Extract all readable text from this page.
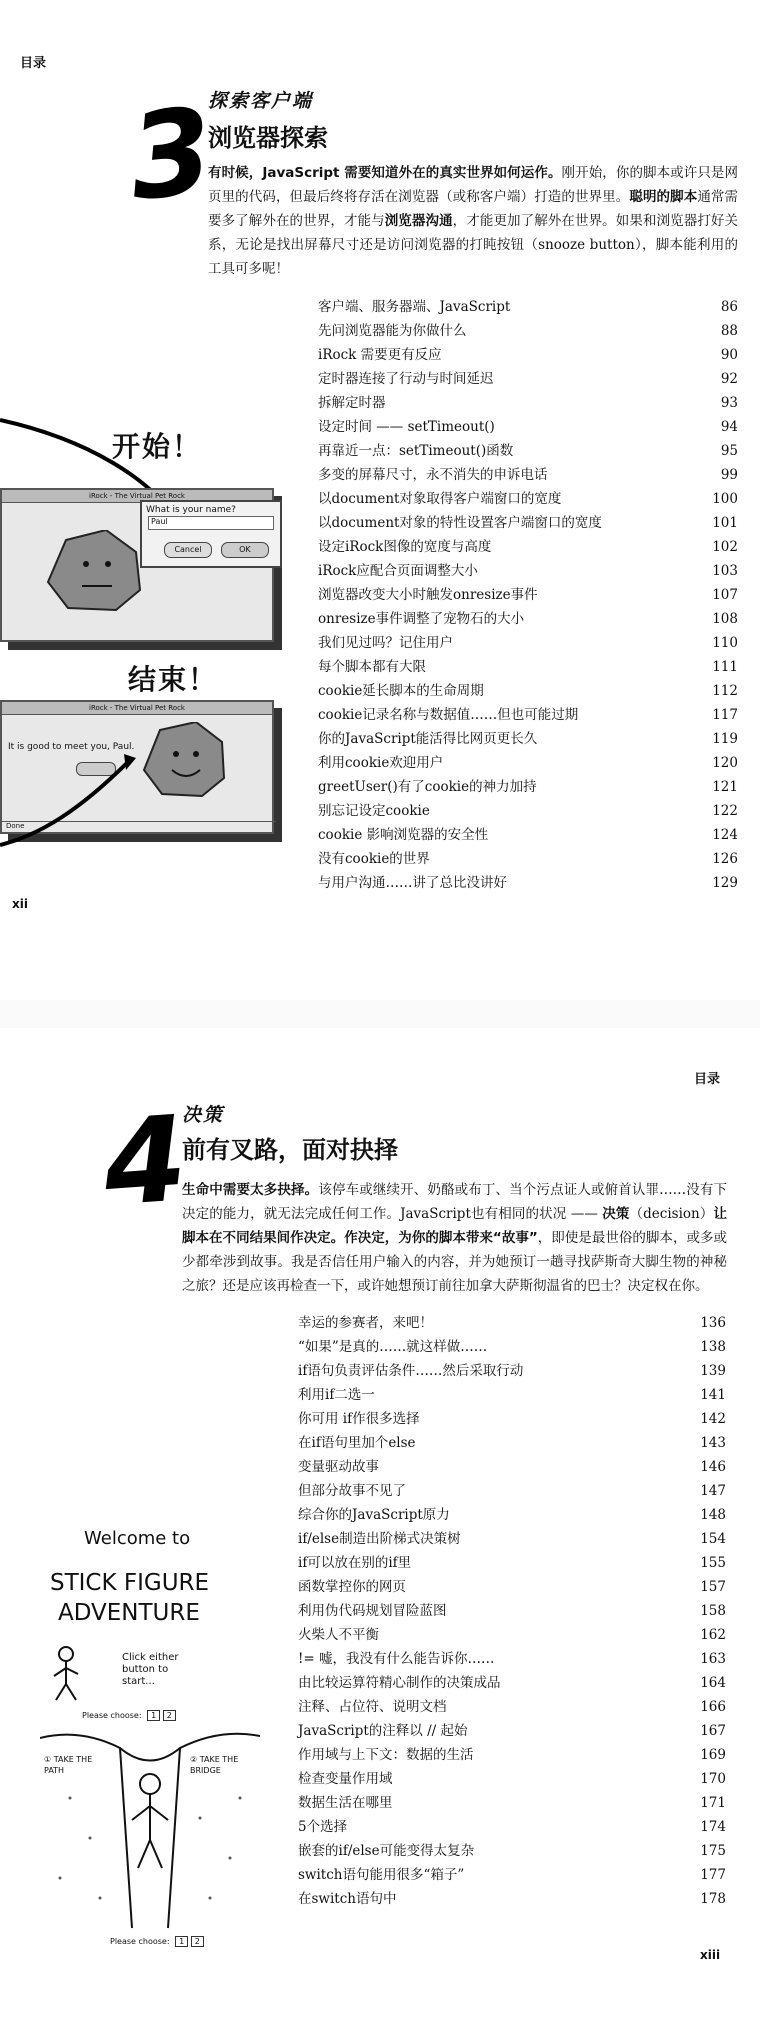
目录
3
探索客户端
浏览器探索
有时候，JavaScript 需要知道外在的真实世界如何运作。刚开始，你的脚本或许只是网页里的代码，但最后终将存活在浏览器（或称客户端）打造的世界里。聪明的脚本通常需要多了解外在的世界，才能与浏览器沟通，才能更加了解外在世界。如果和浏览器打好关系，无论是找出屏幕尺寸还是访问浏览器的打盹按钮（snooze button），脚本能利用的工具可多呢！
客户端、服务器端、JavaScript	86
先问浏览器能为你做什么	88
iRock 需要更有反应	90
定时器连接了行动与时间延迟	92
拆解定时器	93
设定时间 —— setTimeout()	94
再靠近一点：setTimeout()函数	95
多变的屏幕尺寸，永不消失的申诉电话	99
以document对象取得客户端窗口的宽度	100
以document对象的特性设置客户端窗口的宽度	101
设定iRock图像的宽度与高度	102
iRock应配合页面调整大小	103
浏览器改变大小时触发onresize事件	107
onresize事件调整了宠物石的大小	108
我们见过吗？记住用户	110
每个脚本都有大限	111
cookie延长脚本的生命周期	112
cookie记录名称与数据值……但也可能过期	117
你的JavaScript能活得比网页更长久	119
利用cookie欢迎用户	120
greetUser()有了cookie的神力加持	121
别忘记设定cookie	122
cookie 影响浏览器的安全性	124
没有cookie的世界	126
与用户沟通……讲了总比没讲好	129
开始！
iRock - The Virtual Pet Rock
What is your name?
Paul
Cancel	OK
结束！
iRock - The Virtual Pet Rock
It is good to meet you, Paul.
Done
xii
目录
4
决策
前有叉路，面对抉择
生命中需要太多抉择。该停车或继续开、奶酪或布丁、当个污点证人或俯首认罪……没有下决定的能力，就无法完成任何工作。JavaScript也有相同的状况 —— 决策（decision）让脚本在不同结果间作决定。作决定，为你的脚本带来“故事”，即使是最世俗的脚本，或多或少都牵涉到故事。我是否信任用户输入的内容，并为她预订一趟寻找萨斯奇大脚生物的神秘之旅？还是应该再检查一下，或许她想预订前往加拿大萨斯彻温省的巴士？决定权在你。
幸运的参赛者，来吧！	136
“如果”是真的……就这样做……	138
if语句负责评估条件……然后采取行动	139
利用if二选一	141
你可用 if作很多选择	142
在if语句里加个else	143
变量驱动故事	146
但部分故事不见了	147
综合你的JavaScript原力	148
if/else制造出阶梯式决策树	154
if可以放在别的if里	155
函数掌控你的网页	157
利用伪代码规划冒险蓝图	158
火柴人不平衡	162
!= 嘘，我没有什么能告诉你……	163
由比较运算符精心制作的决策成品	164
注释、占位符、说明文档	166
JavaScript的注释以 // 起始	167
作用域与上下文：数据的生活	169
检查变量作用域	170
数据生活在哪里	171
5个选择	174
嵌套的if/else可能变得太复杂	175
switch语句能用很多“箱子”	177
在switch语句中	178
Welcome to
STICK FIGURE
ADVENTURE
Click either button to start...
Please choose: 1 2
① TAKE THE PATH
② TAKE THE BRIDGE
Please choose: 1 2
xiii
